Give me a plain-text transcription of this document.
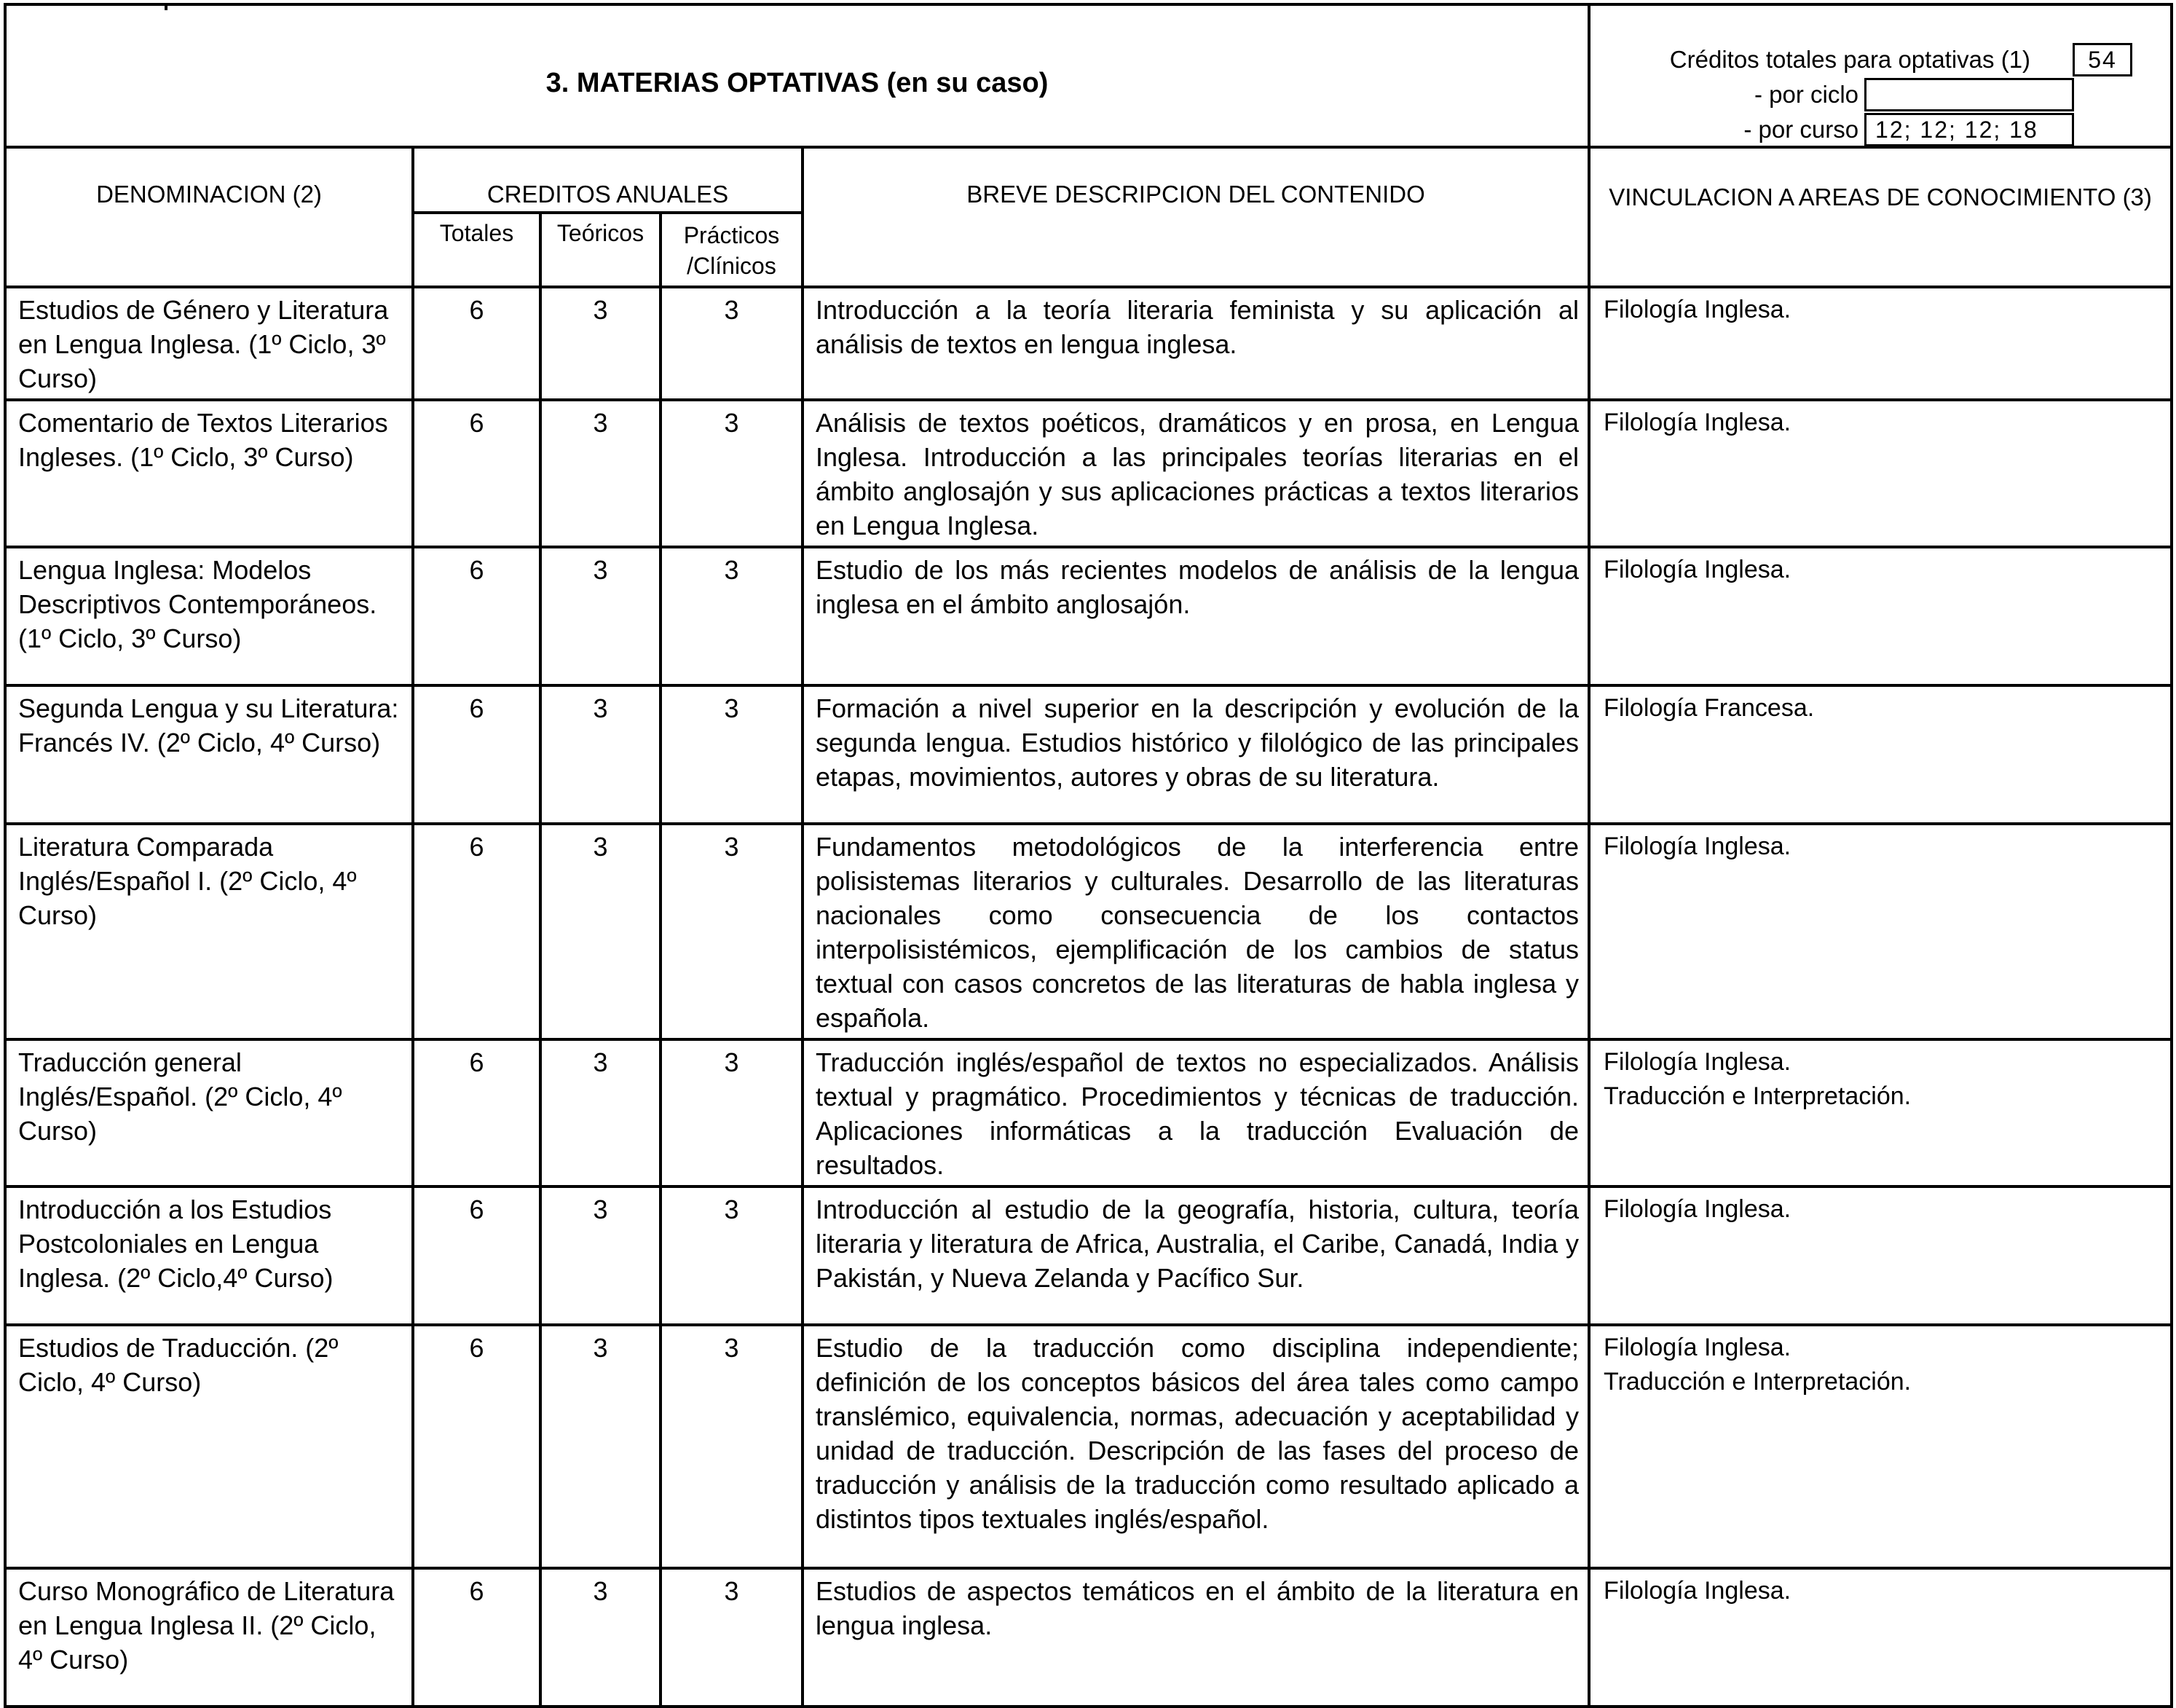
3. MATERIAS OPTATIVAS (en su caso)					Créditos totales para optativas (1) 54
- por ciclo
- por curso 12; 12; 12; 18

DENOMINACION (2)	CREDITOS ANUALES			BREVE DESCRIPCION DEL CONTENIDO	VINCULACION A AREAS DE CONOCIMIENTO (3)
	Totales	Teóricos	Prácticos /Clínicos		
Estudios de Género y Literatura en Lengua Inglesa. (1º Ciclo, 3º Curso)	6	3	3	Introducción a la teoría literaria feminista y su aplicación al análisis de textos en lengua inglesa.	Filología Inglesa.
Comentario de Textos Literarios Ingleses. (1º Ciclo, 3º Curso)	6	3	3	Análisis de textos poéticos, dramáticos y en prosa, en Lengua Inglesa. Introducción a las principales teorías literarias en el ámbito anglosajón y sus aplicaciones prácticas a textos literarios en Lengua Inglesa.	Filología Inglesa.
Lengua Inglesa: Modelos Descriptivos Contemporáneos. (1º Ciclo, 3º Curso)	6	3	3	Estudio de los más recientes modelos de análisis de la lengua inglesa en el ámbito anglosajón.	Filología Inglesa.
Segunda Lengua y su Literatura: Francés IV. (2º Ciclo, 4º Curso)	6	3	3	Formación a nivel superior en la descripción y evolución de la segunda lengua. Estudios histórico y filológico de las principales etapas, movimientos, autores y obras de su literatura.	Filología Francesa.
Literatura Comparada Inglés/Español I. (2º Ciclo, 4º Curso)	6	3	3	Fundamentos metodológicos de la interferencia entre polisistemas literarios y culturales. Desarrollo de las literaturas nacionales como consecuencia de los contactos interpolisistémicos, ejemplificación de los cambios de status textual con casos concretos de las literaturas de habla inglesa y española.	Filología Inglesa.
Traducción general Inglés/Español. (2º Ciclo, 4º Curso)	6	3	3	Traducción inglés/español de textos no especializados. Análisis textual y pragmático. Procedimientos y técnicas de traducción. Aplicaciones informáticas a la traducción Evaluación de resultados.	Filología Inglesa.
Traducción e Interpretación.
Introducción a los Estudios Postcoloniales en Lengua Inglesa. (2º Ciclo,4º Curso)	6	3	3	Introducción al estudio de la geografía, historia, cultura, teoría literaria y literatura de Africa, Australia, el Caribe, Canadá, India y Pakistán, y Nueva Zelanda y Pacífico Sur.	Filología Inglesa.
Estudios de Traducción. (2º Ciclo, 4º Curso)	6	3	3	Estudio de la traducción como disciplina independiente; definición de los conceptos básicos del área tales como campo translémico, equivalencia, normas, adecuación y aceptabilidad y unidad de traducción. Descripción de las fases del proceso de traducción y análisis de la traducción como resultado aplicado a distintos tipos textuales inglés/español.	Filología Inglesa.
Traducción e Interpretación.
Curso Monográfico de Literatura en Lengua Inglesa II. (2º Ciclo, 4º Curso)	6	3	3	Estudios de aspectos temáticos en el ámbito de la literatura en lengua inglesa.	Filología Inglesa.
